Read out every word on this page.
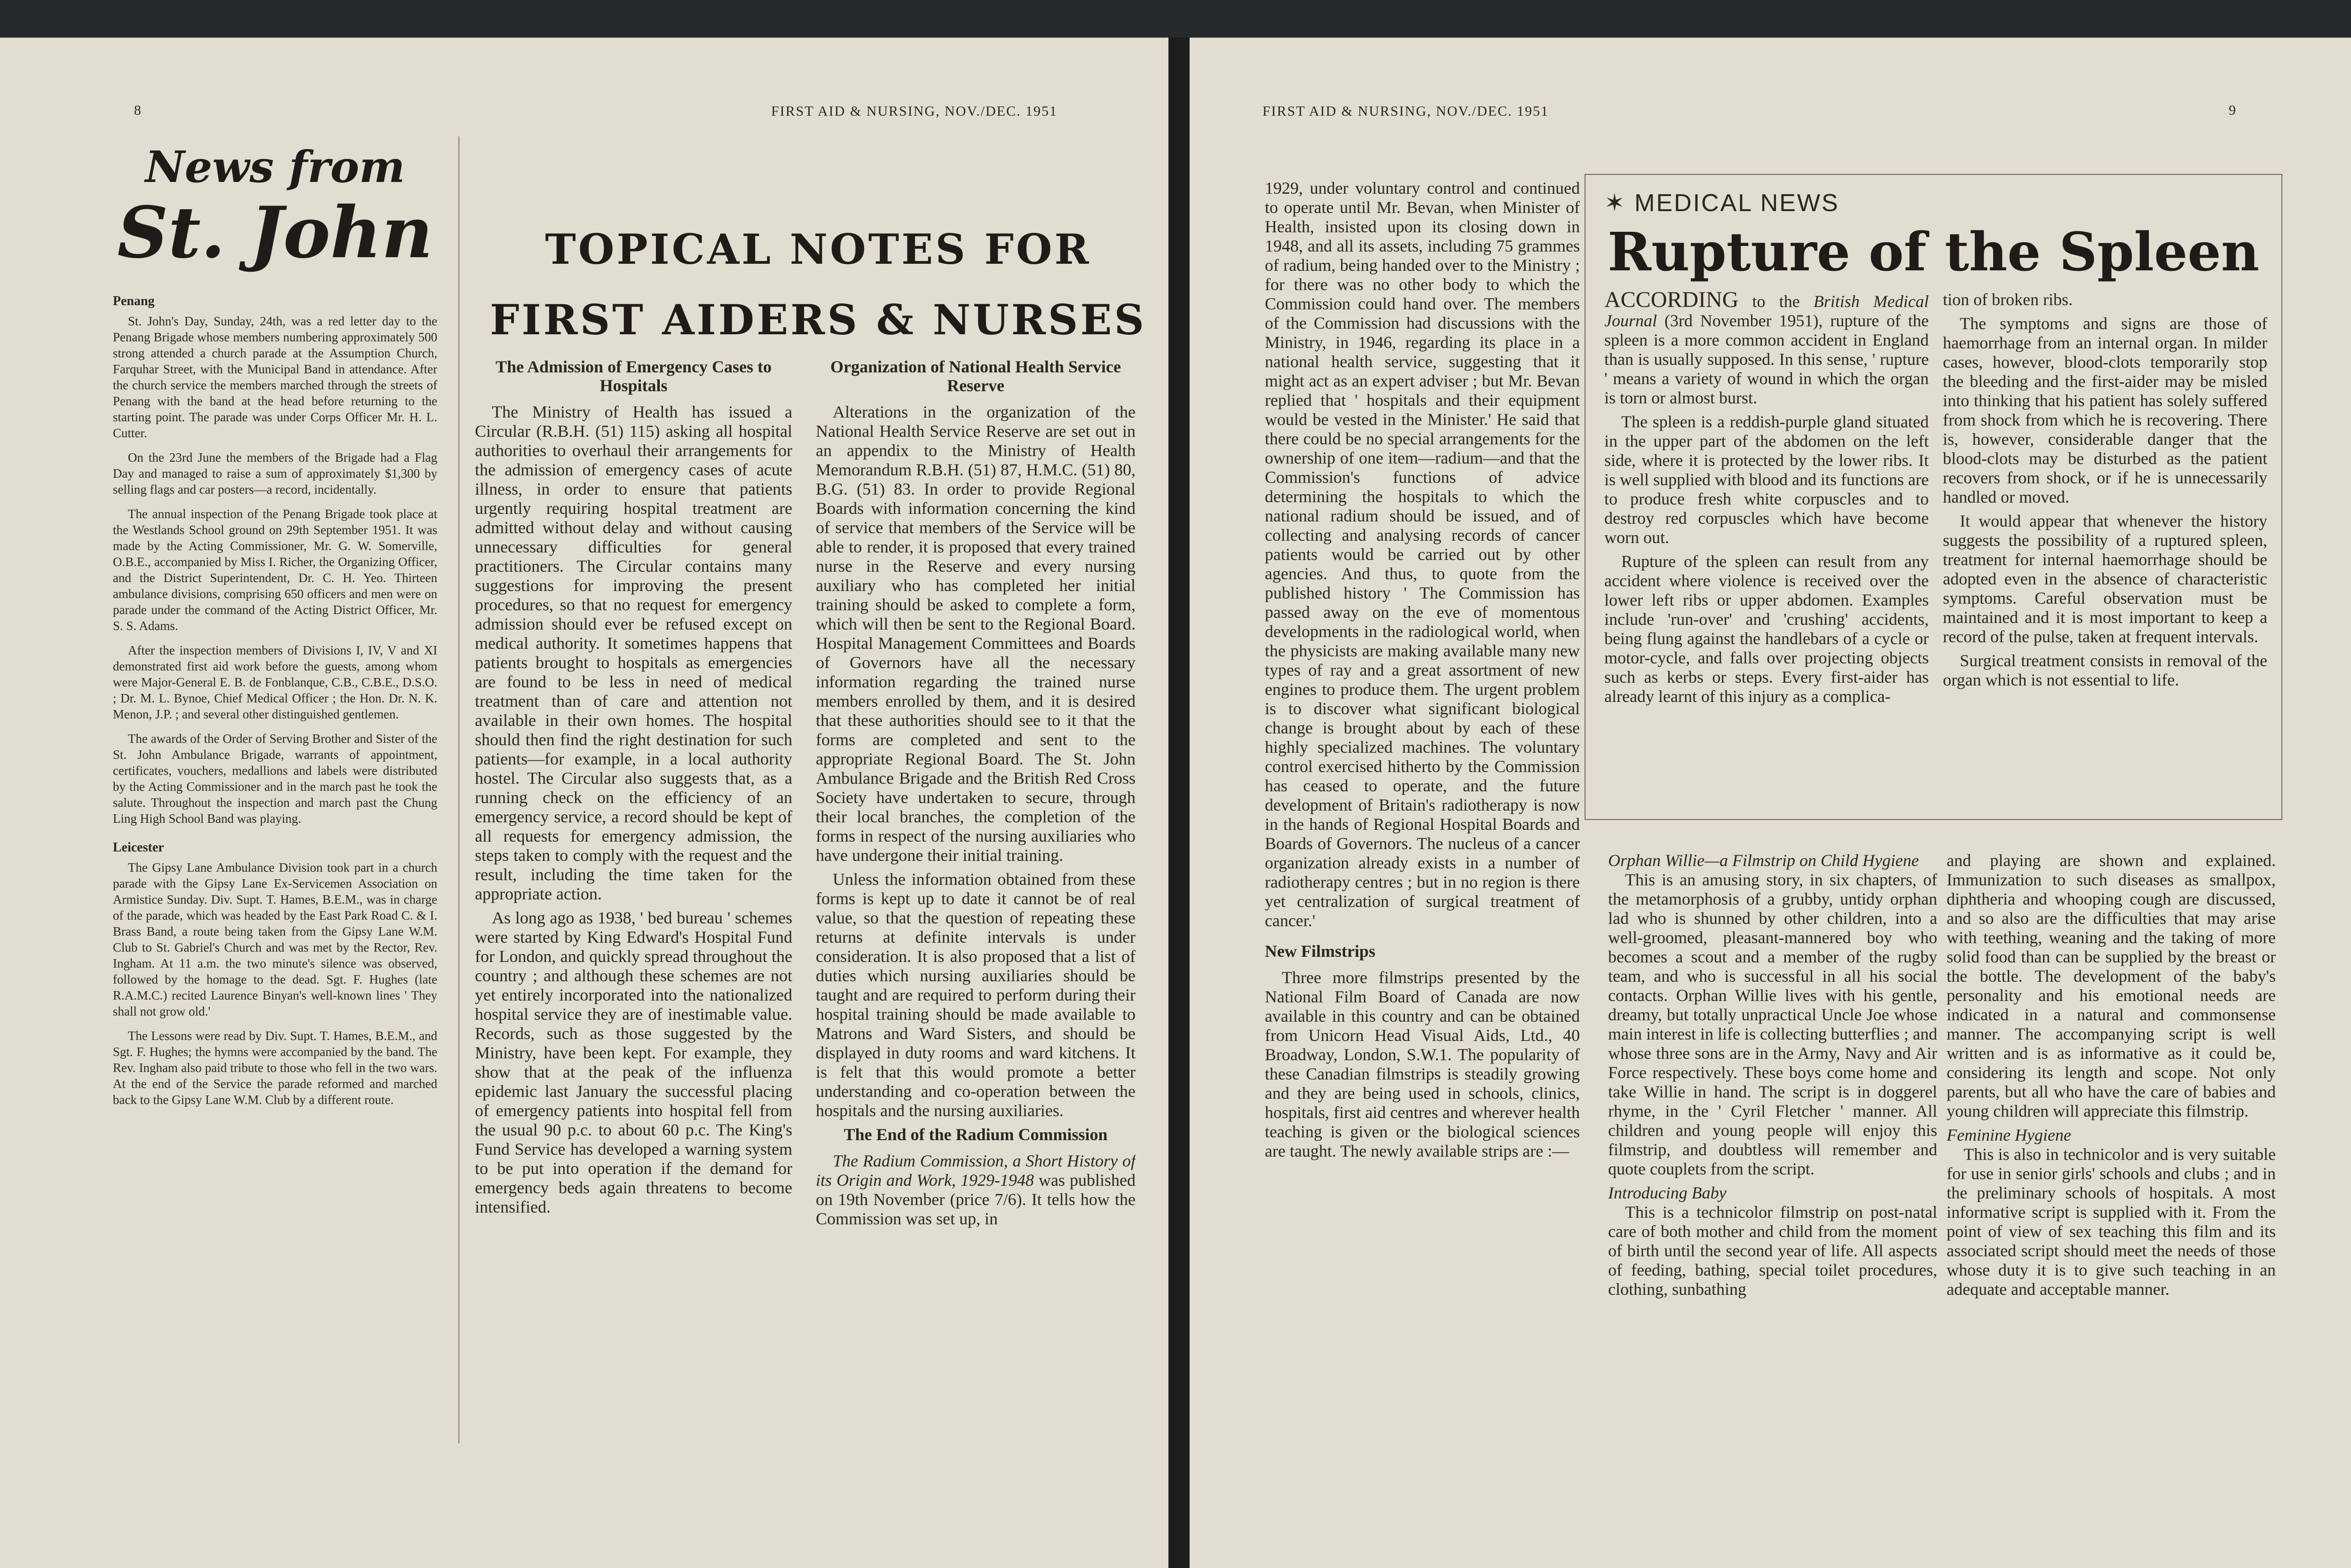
8	FIRST AID & NURSING, NOV./DEC. 1951
News from
St. John
Penang

St. John's Day, Sunday, 24th, was a red letter day to the Penang Brigade whose members numbering approximately 500 strong attended a church parade at the Assumption Church, Farquhar Street, with the Municipal Band in attendance. After the church service the members marched through the streets of Penang with the band at the head before returning to the starting point. The parade was under Corps Officer Mr. H. L. Cutter.

On the 23rd June the members of the Brigade had a Flag Day and managed to raise a sum of approximately $1,300 by selling flags and car posters—a record, incidentally.

The annual inspection of the Penang Brigade took place at the Westlands School ground on 29th September 1951. It was made by the Acting Commissioner, Mr. G. W. Somerville, O.B.E., accompanied by Miss I. Richer, the Organizing Officer, and the District Superintendent, Dr. C. H. Yeo. Thirteen ambulance divisions, comprising 650 officers and men were on parade under the command of the Acting District Officer, Mr. S. S. Adams.

After the inspection members of Divisions I, IV, V and XI demonstrated first aid work before the guests, among whom were Major-General E. B. de Fonblanque, C.B., C.B.E., D.S.O. ; Dr. M. L. Bynoe, Chief Medical Officer ; the Hon. Dr. N. K. Menon, J.P. ; and several other distinguished gentlemen.

The awards of the Order of Serving Brother and Sister of the St. John Ambulance Brigade, warrants of appointment, certificates, vouchers, medallions and labels were distributed by the Acting Commissioner and in the march past he took the salute. Throughout the inspection and march past the Chung Ling High School Band was playing.

Leicester

The Gipsy Lane Ambulance Division took part in a church parade with the Gipsy Lane Ex-Servicemen Association on Armistice Sunday. Div. Supt. T. Hames, B.E.M., was in charge of the parade, which was headed by the East Park Road C. & I. Brass Band, a route being taken from the Gipsy Lane W.M. Club to St. Gabriel's Church and was met by the Rector, Rev. Ingham. At 11 a.m. the two minute's silence was observed, followed by the homage to the dead. Sgt. F. Hughes (late R.A.M.C.) recited Laurence Binyan's well-known lines ' They shall not grow old.'

The Lessons were read by Div. Supt. T. Hames, B.E.M., and Sgt. F. Hughes; the hymns were accompanied by the band. The Rev. Ingham also paid tribute to those who fell in the two wars. At the end of the Service the parade reformed and marched back to the Gipsy Lane W.M. Club by a different route.

TOPICAL NOTES FOR
FIRST AIDERS & NURSES
The Admission of Emergency Cases to Hospitals

The Ministry of Health has issued a Circular (R.B.H. (51) 115) asking all hospital authorities to overhaul their arrangements for the admission of emergency cases of acute illness, in order to ensure that patients urgently requiring hospital treatment are admitted without delay and without causing unnecessary difficulties for general practitioners. The Circular contains many suggestions for improving the present procedures, so that no request for emergency admission should ever be refused except on medical authority. It sometimes happens that patients brought to hospitals as emergencies are found to be less in need of medical treatment than of care and attention not available in their own homes. The hospital should then find the right destination for such patients—for example, in a local authority hostel. The Circular also suggests that, as a running check on the efficiency of an emergency service, a record should be kept of all requests for emergency admission, the steps taken to comply with the request and the result, including the time taken for the appropriate action.

As long ago as 1938, ' bed bureau ' schemes were started by King Edward's Hospital Fund for London, and quickly spread throughout the country ; and although these schemes are not yet entirely incorporated into the nationalized hospital service they are of inestimable value. Records, such as those suggested by the Ministry, have been kept. For example, they show that at the peak of the influenza epidemic last January the successful placing of emergency patients into hospital fell from the usual 90 p.c. to about 60 p.c. The King's Fund Service has developed a warning system to be put into operation if the demand for emergency beds again threatens to become intensified.

Organization of National Health Service Reserve

Alterations in the organization of the National Health Service Reserve are set out in an appendix to the Ministry of Health Memorandum R.B.H. (51) 87, H.M.C. (51) 80, B.G. (51) 83. In order to provide Regional Boards with information concerning the kind of service that members of the Service will be able to render, it is proposed that every trained nurse in the Reserve and every nursing auxiliary who has completed her initial training should be asked to complete a form, which will then be sent to the Regional Board. Hospital Management Committees and Boards of Governors have all the necessary information regarding the trained nurse members enrolled by them, and it is desired that these authorities should see to it that the forms are completed and sent to the appropriate Regional Board. The St. John Ambulance Brigade and the British Red Cross Society have undertaken to secure, through their local branches, the completion of the forms in respect of the nursing auxiliaries who have undergone their initial training.

Unless the information obtained from these forms is kept up to date it cannot be of real value, so that the question of repeating these returns at definite intervals is under consideration. It is also proposed that a list of duties which nursing auxiliaries should be taught and are required to perform during their hospital training should be made available to Matrons and Ward Sisters, and should be displayed in duty rooms and ward kitchens. It is felt that this would promote a better understanding and co-operation between the hospitals and the nursing auxiliaries.

The End of the Radium Commission

The Radium Commission, a Short History of its Origin and Work, 1929-1948 was published on 19th November (price 7/6). It tells how the Commission was set up, in

FIRST AID & NURSING, NOV./DEC. 1951	9

1929, under voluntary control and continued to operate until Mr. Bevan, when Minister of Health, insisted upon its closing down in 1948, and all its assets, including 75 grammes of radium, being handed over to the Ministry ; for there was no other body to which the Commission could hand over. The members of the Commission had discussions with the Ministry, in 1946, regarding its place in a national health service, suggesting that it might act as an expert adviser ; but Mr. Bevan replied that ' hospitals and their equipment would be vested in the Minister.' He said that there could be no special arrangements for the ownership of one item—radium—and that the Commission's functions of advice determining the hospitals to which the national radium should be issued, and of collecting and analysing records of cancer patients would be carried out by other agencies. And thus, to quote from the published history ' The Commission has passed away on the eve of momentous developments in the radiological world, when the physicists are making available many new types of ray and a great assortment of new engines to produce them. The urgent problem is to discover what significant biological change is brought about by each of these highly specialized machines. The voluntary control exercised hitherto by the Commission has ceased to operate, and the future development of Britain's radiotherapy is now in the hands of Regional Hospital Boards and Boards of Governors. The nucleus of a cancer organization already exists in a number of radiotherapy centres ; but in no region is there yet centralization of surgical treatment of cancer.'

New Filmstrips

Three more filmstrips presented by the National Film Board of Canada are now available in this country and can be obtained from Unicorn Head Visual Aids, Ltd., 40 Broadway, London, S.W.1. The popularity of these Canadian filmstrips is steadily growing and they are being used in schools, clinics, hospitals, first aid centres and wherever health teaching is given or the biological sciences are taught. The newly available strips are :—

✶ MEDICAL NEWS
Rupture of the Spleen

ACCORDING to the British Medical Journal (3rd November 1951), rupture of the spleen is a more common accident in England than is usually supposed. In this sense, ' rupture ' means a variety of wound in which the organ is torn or almost burst.

The spleen is a reddish-purple gland situated in the upper part of the abdomen on the left side, where it is protected by the lower ribs. It is well supplied with blood and its functions are to produce fresh white corpuscles and to destroy red corpuscles which have become worn out.

Rupture of the spleen can result from any accident where violence is received over the lower left ribs or upper abdomen. Examples include 'run-over' and 'crushing' accidents, being flung against the handlebars of a cycle or motor-cycle, and falls over projecting objects such as kerbs or steps. Every first-aider has already learnt of this injury as a complica-

tion of broken ribs.

The symptoms and signs are those of haemorrhage from an internal organ. In milder cases, however, blood-clots temporarily stop the bleeding and the first-aider may be misled into thinking that his patient has solely suffered from shock from which he is recovering. There is, however, considerable danger that the blood-clots may be disturbed as the patient recovers from shock, or if he is unnecessarily handled or moved.

It would appear that whenever the history suggests the possibility of a ruptured spleen, treatment for internal haemorrhage should be adopted even in the absence of characteristic symptoms. Careful observation must be maintained and it is most important to keep a record of the pulse, taken at frequent intervals.

Surgical treatment consists in removal of the organ which is not essential to life.

Orphan Willie—a Filmstrip on Child Hygiene

This is an amusing story, in six chapters, of the metamorphosis of a grubby, untidy orphan lad who is shunned by other children, into a well-groomed, pleasant-mannered boy who becomes a scout and a member of the rugby team, and who is successful in all his social contacts. Orphan Willie lives with his gentle, dreamy, but totally unpractical Uncle Joe whose main interest in life is collecting butterflies ; and whose three sons are in the Army, Navy and Air Force respectively. These boys come home and take Willie in hand. The script is in doggerel rhyme, in the ' Cyril Fletcher ' manner. All children and young people will enjoy this filmstrip, and doubtless will remember and quote couplets from the script.

Introducing Baby

This is a technicolor filmstrip on post-natal care of both mother and child from the moment of birth until the second year of life. All aspects of feeding, bathing, special toilet procedures, clothing, sunbathing

and playing are shown and explained. Immunization to such diseases as smallpox, diphtheria and whooping cough are discussed, and so also are the difficulties that may arise with teething, weaning and the taking of more solid food than can be supplied by the breast or the bottle. The development of the baby's personality and his emotional needs are indicated in a natural and commonsense manner. The accompanying script is well written and is as informative as it could be, considering its length and scope. Not only parents, but all who have the care of babies and young children will appreciate this filmstrip.

Feminine Hygiene

This is also in technicolor and is very suitable for use in senior girls' schools and clubs ; and in the preliminary schools of hospitals. A most informative script is supplied with it. From the point of view of sex teaching this film and its associated script should meet the needs of those whose duty it is to give such teaching in an adequate and acceptable manner.
